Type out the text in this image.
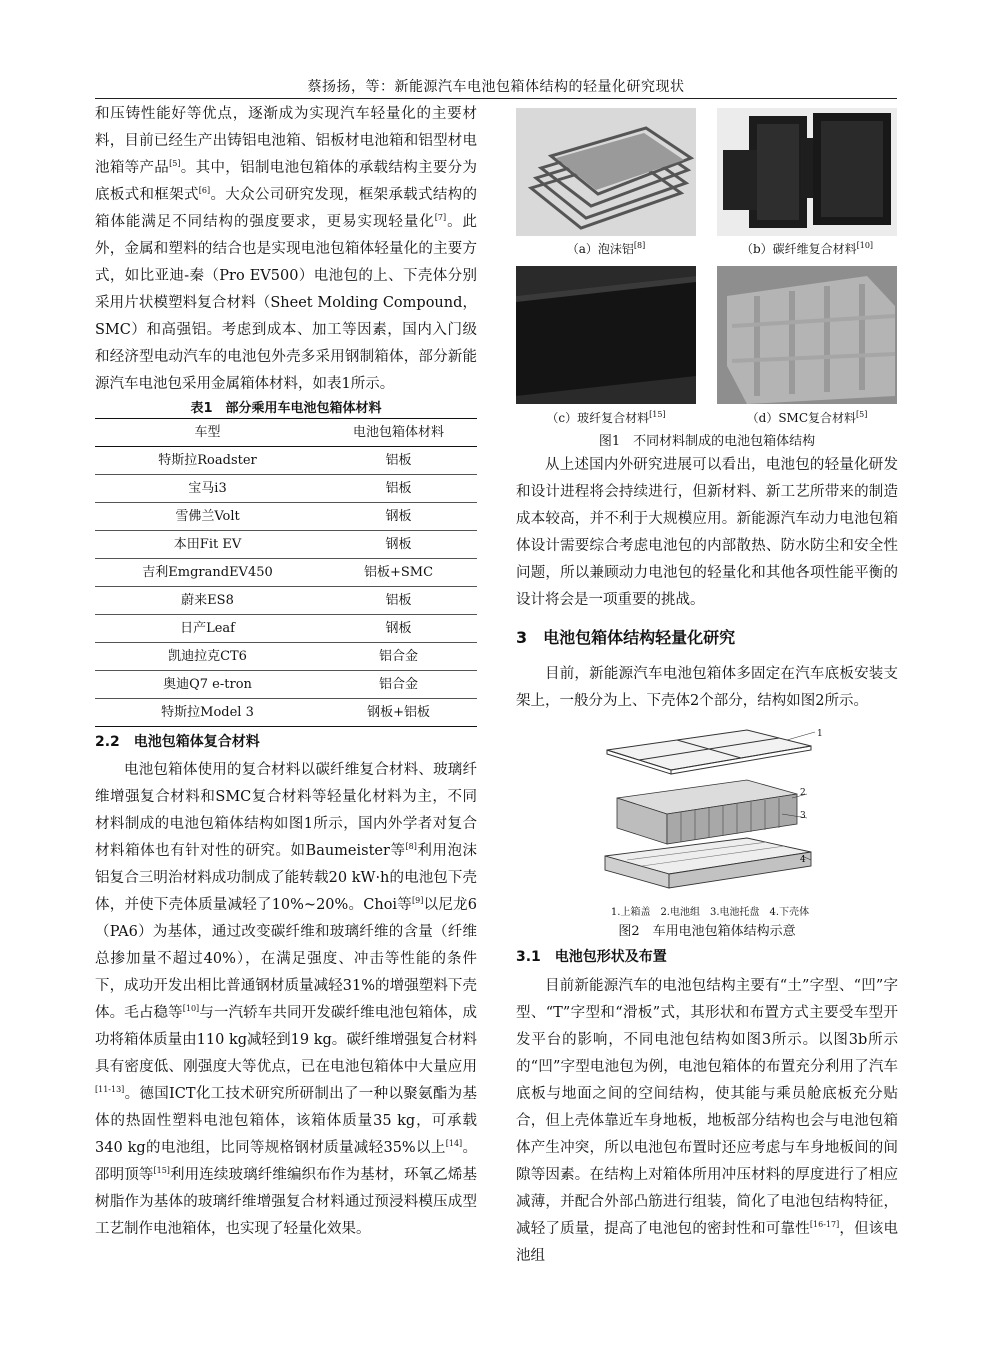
蔡扬扬，等：新能源汽车电池包箱体结构的轻量化研究现状

和压铸性能好等优点，逐渐成为实现汽车轻量化的主要材料，目前已经生产出铸铝电池箱、铝板材电池箱和铝型材电池箱等产品[5]。其中，铝制电池包箱体的承载结构主要分为底板式和框架式[6]。大众公司研究发现，框架承载式结构的箱体能满足不同结构的强度要求，更易实现轻量化[7]。此外，金属和塑料的结合也是实现电池包箱体轻量化的主要方式，如比亚迪-秦（Pro EV500）电池包的上、下壳体分别采用片状模塑料复合材料（Sheet Molding Compound，SMC）和高强铝。考虑到成本、加工等因素，国内入门级和经济型电动汽车的电池包外壳多采用钢制箱体，部分新能源汽车电池包采用金属箱体材料，如表1所示。

表1　部分乘用车电池包箱体材料
车型	电池包箱体材料
特斯拉Roadster	铝板
宝马i3	铝板
雪佛兰Volt	钢板
本田Fit EV	钢板
吉利EmgrandEV450	铝板+SMC
蔚来ES8	铝板
日产Leaf	钢板
凯迪拉克CT6	铝合金
奥迪Q7 e-tron	铝合金
特斯拉Model 3	钢板+铝板
2.2　电池包箱体复合材料

电池包箱体使用的复合材料以碳纤维复合材料、玻璃纤维增强复合材料和SMC复合材料等轻量化材料为主，不同材料制成的电池包箱体结构如图1所示，国内外学者对复合材料箱体也有针对性的研究。如Baumeister等[8]利用泡沫铝复合三明治材料成功制成了能转载20 kW·h的电池包下壳体，并使下壳体质量减轻了10%~20%。Choi等[9]以尼龙6（PA6）为基体，通过改变碳纤维和玻璃纤维的含量（纤维总掺加量不超过40%），在满足强度、冲击等性能的条件下，成功开发出相比普通钢材质量减轻31%的增强塑料下壳体。毛占稳等[10]与一汽轿车共同开发碳纤维电池包箱体，成功将箱体质量由110 kg减轻到19 kg。碳纤维增强复合材料具有密度低、刚强度大等优点，已在电池包箱体中大量应用[11-13]。德国ICT化工技术研究所研制出了一种以聚氨酯为基体的热固性塑料电池包箱体，该箱体质量35 kg，可承载340 kg的电池组，比同等规格钢材质量减轻35%以上[14]。邵明顶等[15]利用连续玻璃纤维编织布作为基材，环氧乙烯基树脂作为基体的玻璃纤维增强复合材料通过预浸料模压成型工艺制作电池箱体，也实现了轻量化效果。

（a）泡沫铝[8]	（b）碳纤维复合材料[10]
（c）玻纤复合材料[15]	（d）SMC复合材料[5]
图1　不同材料制成的电池包箱体结构

从上述国内外研究进展可以看出，电池包的轻量化研发和设计进程将会持续进行，但新材料、新工艺所带来的制造成本较高，并不利于大规模应用。新能源汽车动力电池包箱体设计需要综合考虑电池包的内部散热、防水防尘和安全性问题，所以兼顾动力电池包的轻量化和其他各项性能平衡的设计将会是一项重要的挑战。

3　电池包箱体结构轻量化研究

目前，新能源汽车电池包箱体多固定在汽车底板安装支架上，一般分为上、下壳体2个部分，结构如图2所示。

1
2
3
4
1.上箱盖　2.电池组　3.电池托盘　4.下壳体
图2　车用电池包箱体结构示意
3.1　电池包形状及布置

目前新能源汽车的电池包结构主要有“土”字型、“凹”字型、“T”字型和“滑板”式，其形状和布置方式主要受车型开发平台的影响，不同电池包结构如图3所示。以图3b所示的“凹”字型电池包为例，电池包箱体的布置充分利用了汽车底板与地面之间的空间结构，使其能与乘员舱底板充分贴合，但上壳体靠近车身地板，地板部分结构也会与电池包箱体产生冲突，所以电池包布置时还应考虑与车身地板间的间隙等因素。在结构上对箱体所用冲压材料的厚度进行了相应减薄，并配合外部凸筋进行组装，简化了电池包结构特征，减轻了质量，提高了电池包的密封性和可靠性[16-17]，但该电池组
